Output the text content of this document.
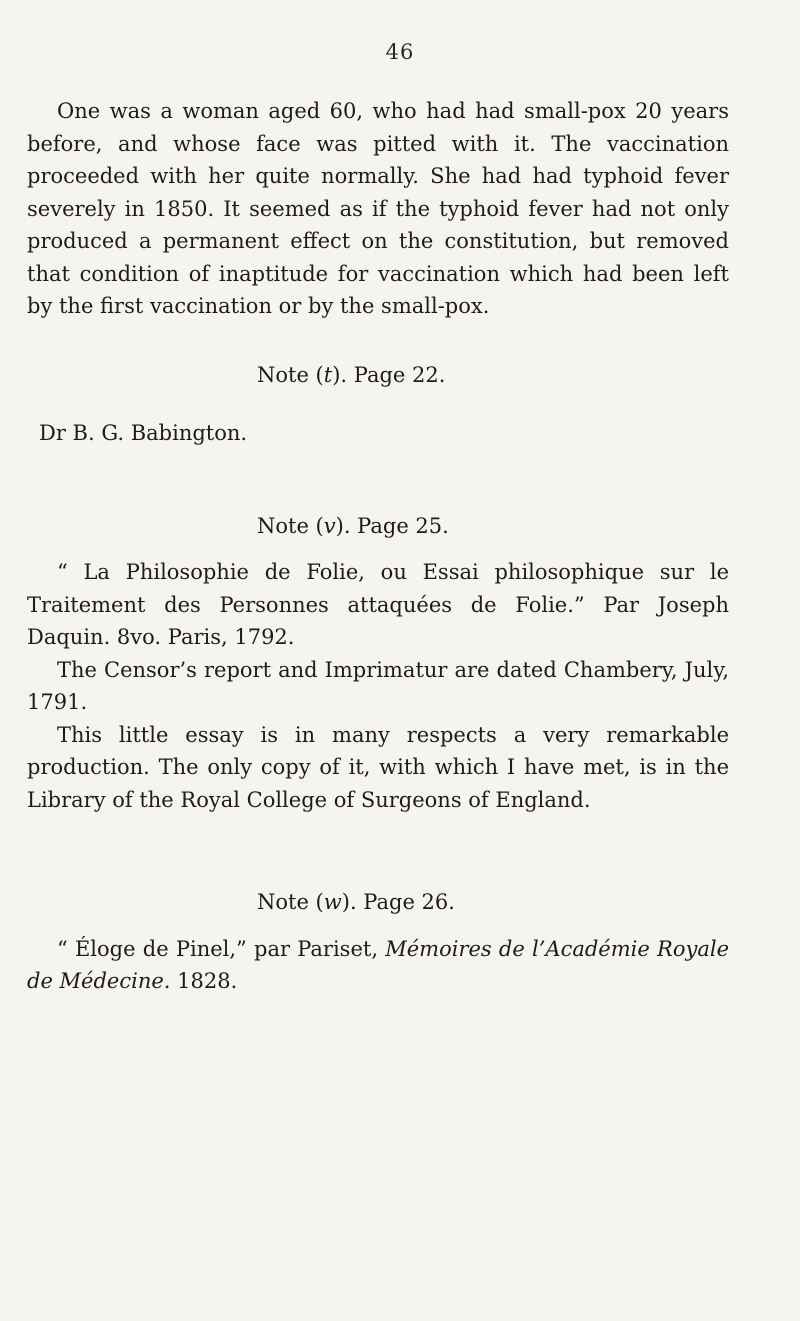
46

One was a woman aged 60, who had had small-pox 20 years before, and whose face was pitted with it. The vaccination proceeded with her quite normally. She had had typhoid fever severely in 1850. It seemed as if the typhoid fever had not only produced a permanent effect on the constitution, but removed that condition of inaptitude for vaccination which had been left by the first vaccination or by the small-pox.

Note (t). Page 22.
Dr B. G. Babington.
Note (v). Page 25.

“ La Philosophie de Folie, ou Essai philosophique sur le Traitement des Personnes attaquées de Folie.” Par Joseph Daquin. 8vo. Paris, 1792.

The Censor’s report and Imprimatur are dated Chambery, July, 1791.

This little essay is in many respects a very remarkable production. The only copy of it, with which I have met, is in the Library of the Royal College of Surgeons of England.

Note (w). Page 26.

“ Éloge de Pinel,” par Pariset, Mémoires de l’Académie Royale de Médecine. 1828.
